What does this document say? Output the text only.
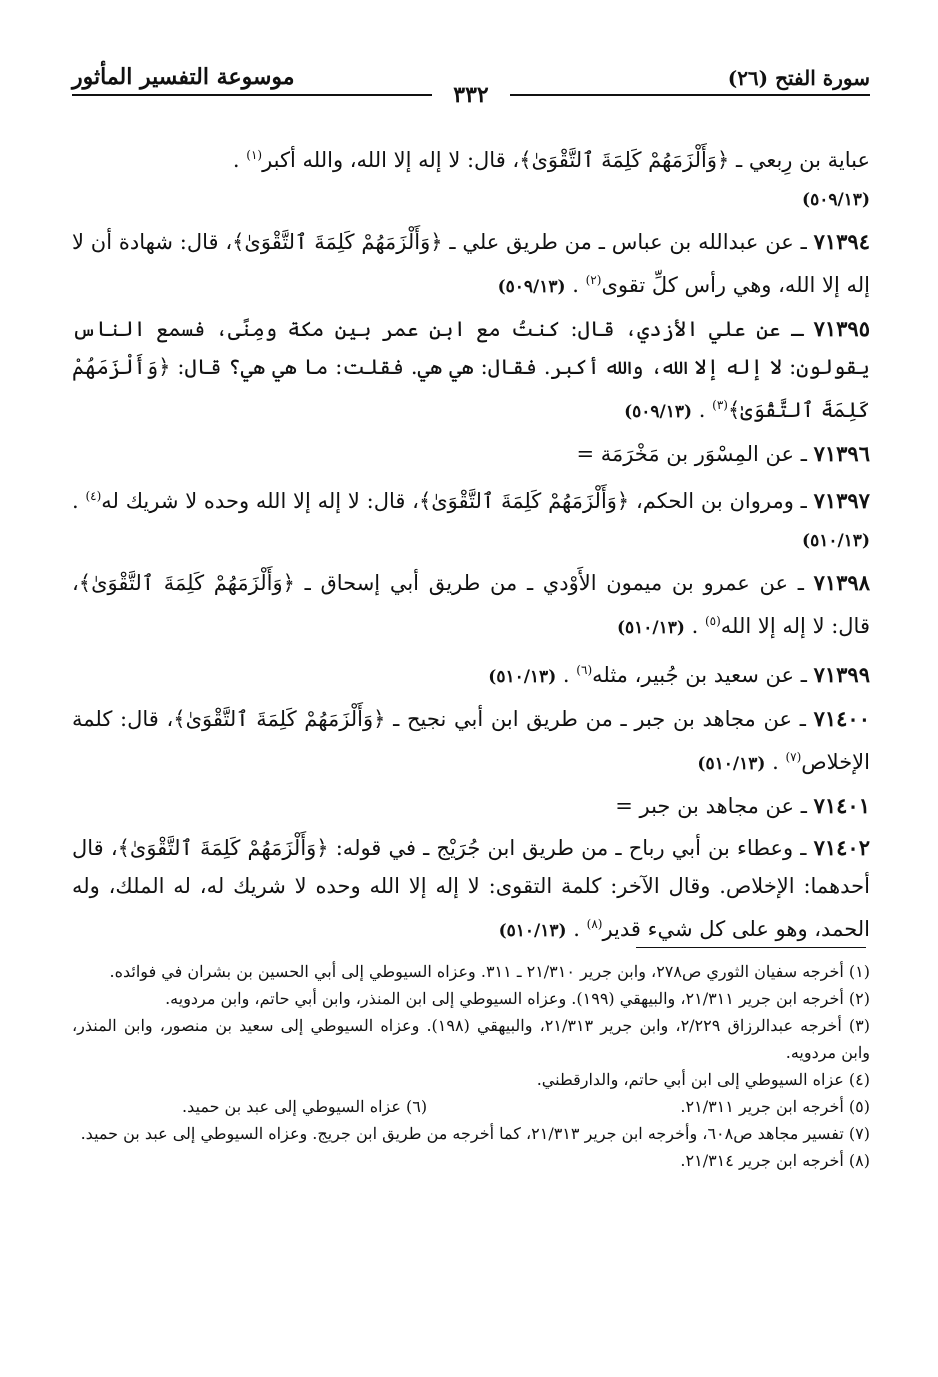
سورة الفتح (٢٦)
موسوعة التفسير المأثور
٣٣٢

عباية بن رِبعي ـ ﴿وَأَلْزَمَهُمْ كَلِمَةَ ٱلتَّقْوَىٰ﴾، قال: لا إله إلا الله، والله أكبر$^{(١)}$ .
(٥٠٩/١٣)

٧١٣٩٤ ـ عن عبدالله بن عباس ـ من طريق علي ـ ﴿وَأَلْزَمَهُمْ كَلِمَةَ ٱلتَّقْوَىٰ﴾، قال: شهادة أن لا إله إلا الله، وهي رأس كلِّ تقوى$^{(٢)}$ . (٥٠٩/١٣)

٧١٣٩٥ ـ عن علي الأزدي، قال: كنتُ مع ابن عمر بين مكة ومِنًى، فسمع الناس يقولون: لا إله إلا الله، والله أكبر. فقال: هي هي. فقلت: ما هي هي؟ قال: ﴿وَأَلْزَمَهُمْ كَلِمَةَ ٱلتَّقْوَىٰ﴾$^{(٣)}$ . (٥٠٩/١٣)

٧١٣٩٦ ـ عن المِسْوَر بن مَخْرَمَة =

٧١٣٩٧ ـ ومروان بن الحكم، ﴿وَأَلْزَمَهُمْ كَلِمَةَ ٱلتَّقْوَىٰ﴾، قال: لا إله إلا الله وحده لا شريك له$^{(٤)}$ . (٥١٠/١٣)

٧١٣٩٨ ـ عن عمرو بن ميمون الأَوْدي ـ من طريق أبي إسحاق ـ ﴿وَأَلْزَمَهُمْ كَلِمَةَ ٱلتَّقْوَىٰ﴾، قال: لا إله إلا الله$^{(٥)}$ . (٥١٠/١٣)

٧١٣٩٩ ـ عن سعيد بن جُبير، مثله$^{(٦)}$ . (٥١٠/١٣)

٧١٤٠٠ ـ عن مجاهد بن جبر ـ من طريق ابن أبي نجيح ـ ﴿وَأَلْزَمَهُمْ كَلِمَةَ ٱلتَّقْوَىٰ﴾، قال: كلمة الإخلاص$^{(٧)}$ . (٥١٠/١٣)

٧١٤٠١ ـ عن مجاهد بن جبر =

٧١٤٠٢ ـ وعطاء بن أبي رباح ـ من طريق ابن جُرَيْج ـ في قوله: ﴿وَأَلْزَمَهُمْ كَلِمَةَ ٱلتَّقْوَىٰ﴾، قال أحدهما: الإخلاص. وقال الآخر: كلمة التقوى: لا إله إلا الله وحده لا شريك له، له الملك، وله الحمد، وهو على كل شيء قدير$^{(٨)}$ . (٥١٠/١٣)

(١) أخرجه سفيان الثوري ص٢٧٨، وابن جرير ٢١/٣١٠ ـ ٣١١. وعزاه السيوطي إلى أبي الحسين بن بشران في فوائده.

(٢) أخرجه ابن جرير ٢١/٣١١، والبيهقي (١٩٩). وعزاه السيوطي إلى ابن المنذر، وابن أبي حاتم، وابن مردويه.

(٣) أخرجه عبدالرزاق ٢/٢٢٩، وابن جرير ٢١/٣١٣، والبيهقي (١٩٨). وعزاه السيوطي إلى سعيد بن منصور، وابن المنذر، وابن مردويه.

(٤) عزاه السيوطي إلى ابن أبي حاتم، والدارقطني.

(٥) أخرجه ابن جرير ٢١/٣١١.

(٦) عزاه السيوطي إلى عبد بن حميد.

(٧) تفسير مجاهد ص٦٠٨، وأخرجه ابن جرير ٢١/٣١٣، كما أخرجه من طريق ابن جريج. وعزاه السيوطي إلى عبد بن حميد.

(٨) أخرجه ابن جرير ٢١/٣١٤.
